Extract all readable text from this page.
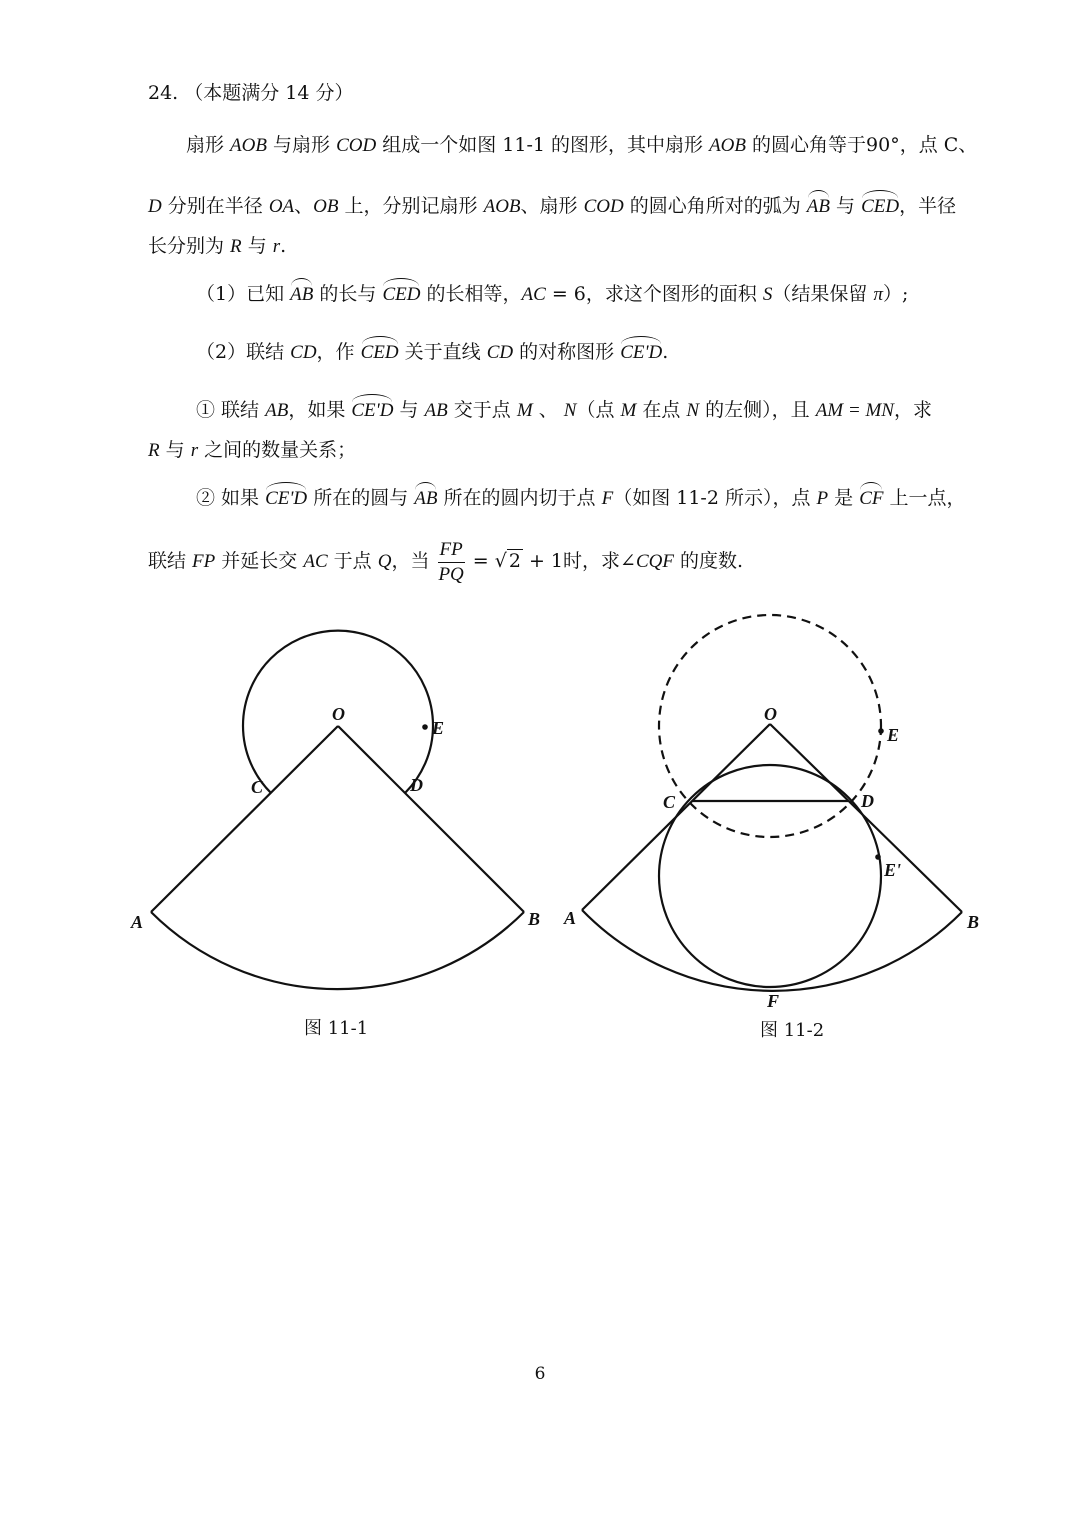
24. （本题满分 14 分）
扇形 AOB 与扇形 COD 组成一个如图 11-1 的图形，其中扇形 AOB 的圆心角等于90°，点 C、
D 分别在半径 OA、OB 上，分别记扇形 AOB、扇形 COD 的圆心角所对的弧为 AB 与 CED，半径
长分别为 R 与 r.
（1）已知 AB 的长与 CED 的长相等，AC = 6，求这个图形的面积 S（结果保留 π）;
（2）联结 CD，作 CED 关于直线 CD 的对称图形 CE'D.
① 联结 AB，如果 CE'D 与 AB 交于点 M 、 N（点 M 在点 N 的左侧），且 AM = MN，求
R 与 r 之间的数量关系；
② 如果 CE'D 所在的圆与 AB 所在的圆内切于点 F（如图 11-2 所示），点 P 是 CF 上一点，
联结 FP 并延长交 AC 于点 Q，当 $\frac{FP}{PQ}$ = √ 2 + 1时，求∠CQF 的度数.
O
E
C	D
A	B
图 11-1
O
E
C	D
E'
A	B
F
图 11-2
6
